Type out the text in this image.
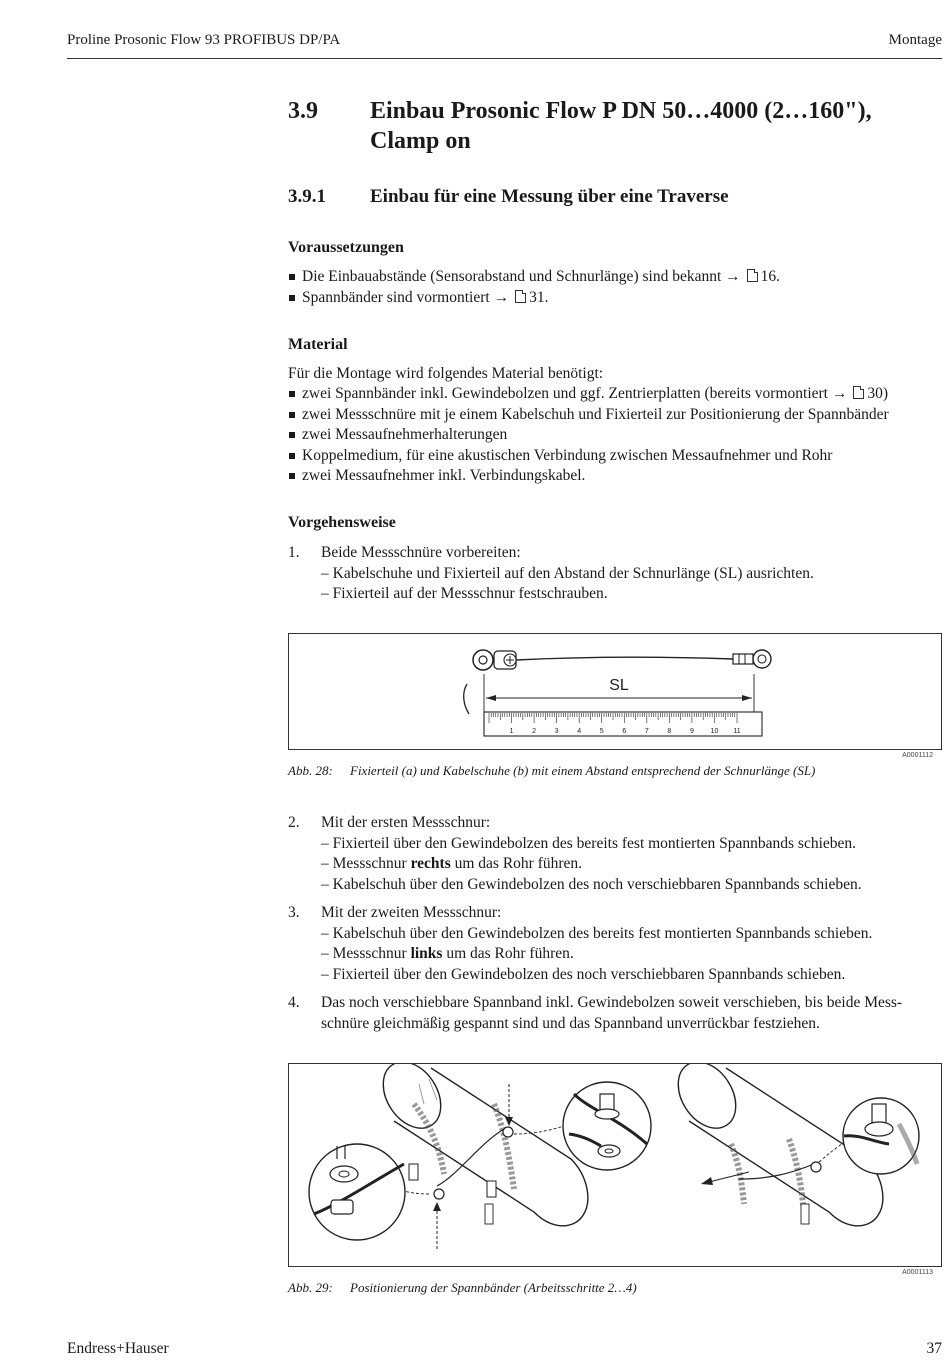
Proline Prosonic Flow 93 PROFIBUS DP/PA	Montage
3.9 Einbau Prosonic Flow P DN 50…4000 (2…160"), Clamp on
3.9.1 Einbau für eine Messung über eine Traverse
Voraussetzungen
Die Einbauabstände (Sensorabstand und Schnurlänge) sind bekannt → 16.
Spannbänder sind vormontiert → 31.
Material
Für die Montage wird folgendes Material benötigt:
zwei Spannbänder inkl. Gewindebolzen und ggf. Zentrierplatten (bereits vormontiert → 30)
zwei Messschnüre mit je einem Kabelschuh und Fixierteil zur Positionierung der Spannbänder
zwei Messaufnehmerhalterungen
Koppelmedium, für eine akustischen Verbindung zwischen Messaufnehmer und Rohr
zwei Messaufnehmer inkl. Verbindungskabel.
Vorgehensweise
1. Beide Messschnüre vorbereiten:
– Kabelschuhe und Fixierteil auf den Abstand der Schnurlänge (SL) ausrichten.
– Fixierteil auf der Messschnur festschrauben.
SL
1	2	3	4	5	6	7	8	9 10 11
A0001112
Abb. 28: Fixierteil (a) und Kabelschuhe (b) mit einem Abstand entsprechend der Schnurlänge (SL)
2. Mit der ersten Messschnur:
– Fixierteil über den Gewindebolzen des bereits fest montierten Spannbands schieben.
– Messschnur rechts um das Rohr führen.
– Kabelschuh über den Gewindebolzen des noch verschiebbaren Spannbands schieben.
3. Mit der zweiten Messschnur:
– Kabelschuh über den Gewindebolzen des bereits fest montierten Spannbands schieben.
– Messschnur links um das Rohr führen.
– Fixierteil über den Gewindebolzen des noch verschiebbaren Spannbands schieben.
4. Das noch verschiebbare Spannband inkl. Gewindebolzen soweit verschieben, bis beide Mess-
schnüre gleichmäßig gespannt sind und das Spannband unverrückbar festziehen.
A0001113
Abb. 29: Positionierung der Spannbänder (Arbeitsschritte 2…4)
Endress+Hauser	37
